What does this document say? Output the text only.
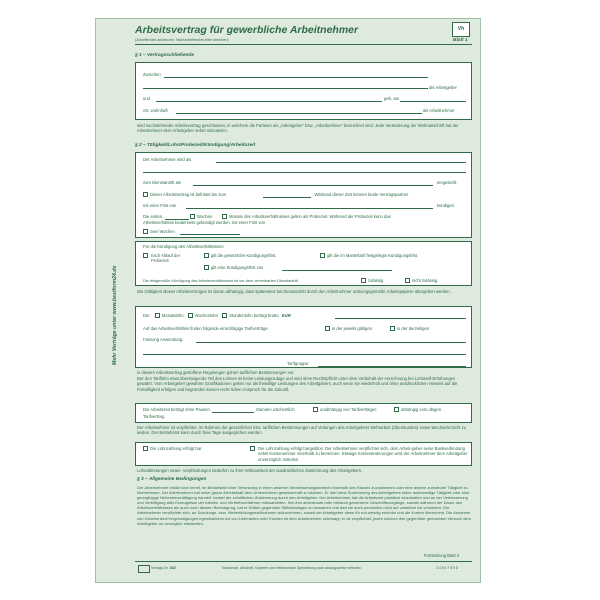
Mehr Verträge unter www.bestform24.de
Vh
Arbeitsvertrag für gewerbliche Arbeitnehmer
(Zutreffendes ankreuzen, Nichtzutreffendes bitte streichen)	Blatt 1
§ 1 – Vertragsschließende
Zwischen
als Arbeitgeber
und	geb. am
zzt. wohnhaft	als Arbeitnehmer
wird nachstehender Arbeitsvertrag geschlossen, in welchem die Parteien als „Arbeitgeber“ bzw. „Arbeitnehmer“ bezeichnet sind. Jede Veränderung der Wohnanschrift hat der Arbeitnehmer dem Arbeitgeber sofort mitzuteilen.
§ 2 – Tätigkeit/Lohn/Probezeit/Kündigung/Arbeitszeit
Der Arbeitnehmer wird als
zum Dienstantritt am	eingestellt.
Dieser Arbeitsvertrag ist befristet bis zum	. Während dieser Zeit können beide Vertragspartner
mit einer Frist von	kündigen.
Die ersten	Wochen	Monate des Arbeitsverhältnisses gelten als Probezeit. Während der Probezeit kann das
Arbeitsverhältnis beiderseits gekündigt werden, mit einer Frist von
zwei Wochen
Für die Kündigung des Arbeitsverhältnisses
nach Ablauf der Probezeit
gilt die gesetzliche Kündigungsfrist.	gilt die im Manteltarif festgelegte Kündigungsfrist.
gilt eine Kündigungsfrist von
Die fristgemäße Kündigung des Arbeitsverhältnisses ist vor dem vereinbarten Dienstantritt	zulässig	nicht zulässig.
Die Gültigkeit dieses Arbeitsvertrages ist davon abhängig, dass spätestens bei Dienstantritt durch den Arbeitnehmer ordnungsgemäße Arbeitspapiere übergeben werden.
Der	Monatslohn	Wochenlohn	Stundenlohn beträgt brutto EUR
Auf das Arbeitsverhältnis finden folgende einschlägige Tarifverträge	in der jeweils gültigen	in der derzeitigen
Fassung Anwendung:
Tarifgruppe:
in diesem Arbeitsvertrag getroffene Regelungen gehen tariflichen Bestimmungen vor.
Der den Tariflohn etwa übersteigende Teil des Lohnes ist keine Leistungszulage und wird ohne Rechtspflicht unter dem Vorbehalt der Anrechnung bei Lohntarif-Erhöhungen gewährt. Vom Arbeitgeber gewährte Gratifikationen gelten nur als freiwillige Leistungen des Arbeitgebers, auch wenn sie wiederholt und ohne ausdrücklichen Hinweis auf die Freiwilligkeit erfolgen und begründen keinen recht-lichen Anspruch für die Zukunft.
Die Arbeitszeit beträgt ohne Pausen	Stunden wöchentlich	unabhängig von Tarifverträgen	abhängig vom obigen
Tarifvertrag.
Der Arbeitnehmer ist verpflichtet, im Rahmen der gesetzlichen bzw. tariflichen Bestimmungen auf Verlangen des Arbeitgebers Mehrarbeit (Überstunden) sowie Wechselschicht zu leisten. Der Betriebsrat kann durch freie Tage ausgeglichen werden.
Die Lohnzahlung erfolgt bar.	Die Lohnzahlung erfolgt bargeldlos. Der Arbeitnehmer verpflichtet sich, dem Arbeit-geber seine Bankverbindung nebst Kontonummer innerhalb zu benennen. Etwaige Kontenänderungen wird der Arbeitnehmer dem Arbeitgeber unverzüglich mitteilen.
Lohnabtretungen sowie -verpfändungen bedürfen zu ihrer Wirksamkeit der ausdrücklichen Zustimmung des Arbeitgebers.
§ 3 – Allgemeine Bedingungen
Der Arbeitnehmer erklärt sich bereit, im Bedarfsfall einer Versetzung in einen anderen Verantwortungsbereich innerhalb des Hauses zuzustimmen oder eine andere zumutbare Tätigkeit zu übernehmen. Der Arbeitnehmer hat seine ganze Arbeitskraft dem Unternehmen gewissenhaft zu widmen. Er darf ohne Zustimmung des Arbeitgebers keine anderweitige Tätigkeit oder eine geringfügige Nebenbeschäftigung handelt, bedarf der schriftlichen Zustimmung durch den Arbeitgeber. Der Arbeitnehmer hat die Arbeitszeit pünktlich einzuhalten und an der Verbesserung und Verbilligung aller Erzeugnisse der Arbeits- und Vertriebsverfahren mitzuarbeiten. Ihm ihm anvertraute oder bekannt gewordene Geschäftsvorgänge, sowohl während der Dauer des Arbeitsverhältnisses als auch nach dessen Beendigung, hat er Dritten gegenüber Stillschweigen zu bewahren und darf sie auch persönlich nicht auf unlautere Art verwerten. Der Arbeitnehmer verpflichtet sich, an Schulungs- bzw. Weiterbildungsmaßnahmen teilzunehmen, soweit der Arbeitgeber diese für not-wendig erachtet und die Kosten übernimmt. Die Annahme von Geschenken/Vergünstigungen irgendwelcher Art von Lieferanten oder Kunden ist dem Arbeitnehmer untersagt; er ist verpflichtet, jeden solchen ihm gegenüber gemachten Versuch dem Arbeitgeber un-verzüglich mitzuteilen.
Fortsetzung Blatt 2
Verlags-Nr. 542	Nachdruck, Abschrift, Kopieren und elektronische Speicherung auch auszugsweise verboten.	3 4 5 6 7 8 9 D
